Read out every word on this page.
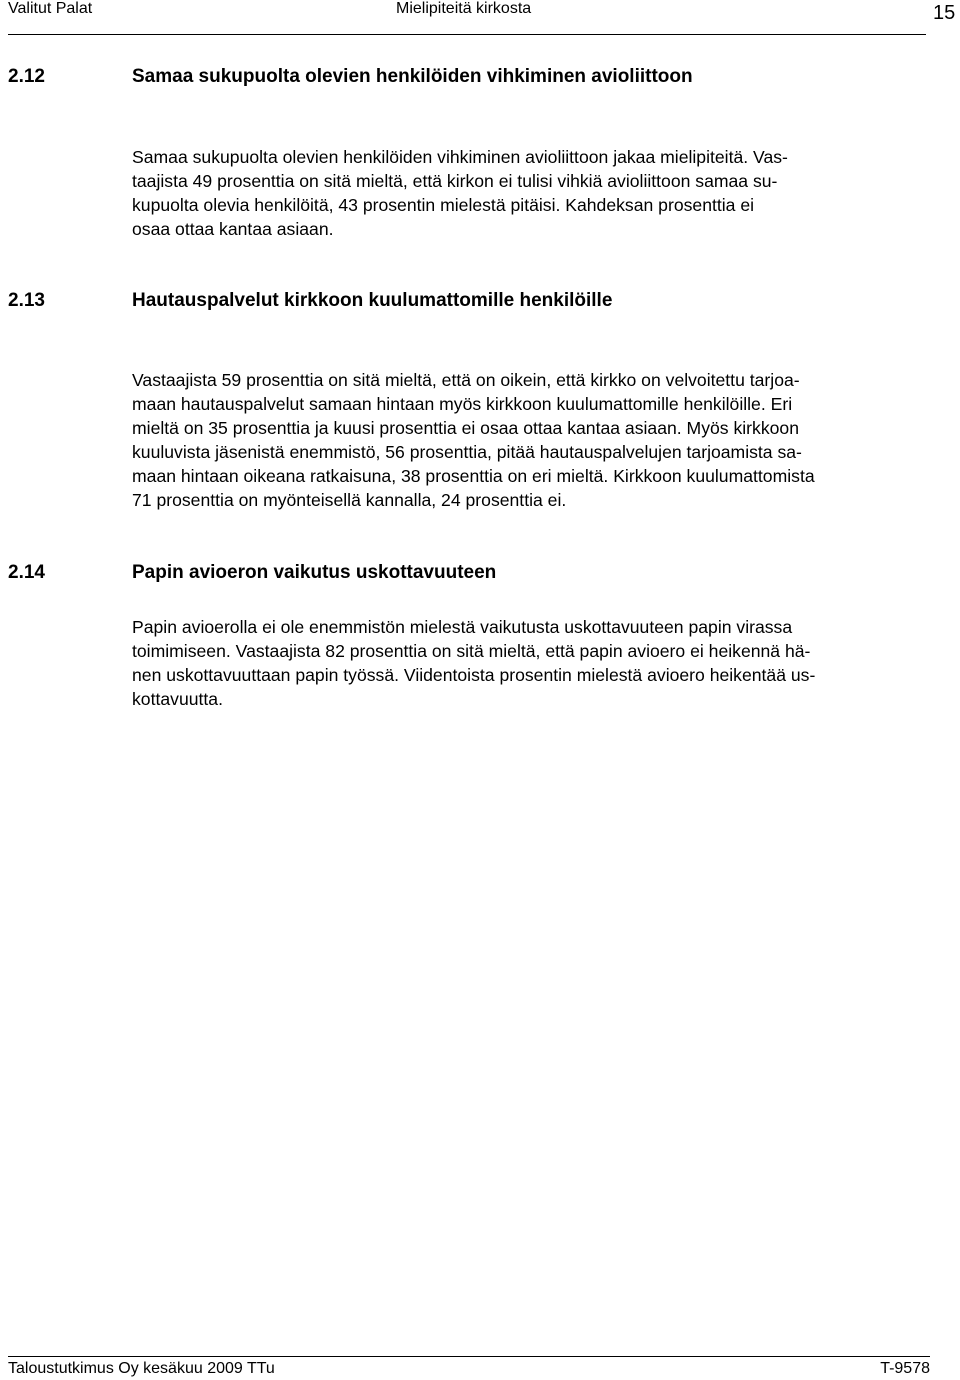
Valitut Palat	Mielipiteitä kirkosta	15
2.12	Samaa sukupuolta olevien henkilöiden vihkiminen avioliittoon
Samaa sukupuolta olevien henkilöiden vihkiminen avioliittoon jakaa mielipiteitä. Vas-
taajista 49 prosenttia on sitä mieltä, että kirkon ei tulisi vihkiä avioliittoon samaa su-
kupuolta olevia henkilöitä, 43 prosentin mielestä pitäisi. Kahdeksan prosenttia ei
osaa ottaa kantaa asiaan.
2.13	Hautauspalvelut kirkkoon kuulumattomille henkilöille
Vastaajista 59 prosenttia on sitä mieltä, että on oikein, että kirkko on velvoitettu tarjoa-
maan hautauspalvelut samaan hintaan myös kirkkoon kuulumattomille henkilöille. Eri
mieltä on 35 prosenttia ja kuusi prosenttia ei osaa ottaa kantaa asiaan. Myös kirkkoon
kuuluvista jäsenistä enemmistö, 56 prosenttia, pitää hautauspalvelujen tarjoamista sa-
maan hintaan oikeana ratkaisuna, 38 prosenttia on eri mieltä. Kirkkoon kuulumattomista
71 prosenttia on myönteisellä kannalla, 24 prosenttia ei.
2.14	Papin avioeron vaikutus uskottavuuteen
Papin avioerolla ei ole enemmistön mielestä vaikutusta uskottavuuteen papin virassa
toimimiseen. Vastaajista 82 prosenttia on sitä mieltä, että papin avioero ei heikennä hä-
nen uskottavuuttaan papin työssä. Viidentoista prosentin mielestä avioero heikentää us-
kottavuutta.
Taloustutkimus Oy kesäkuu 2009 TTu	T-9578
